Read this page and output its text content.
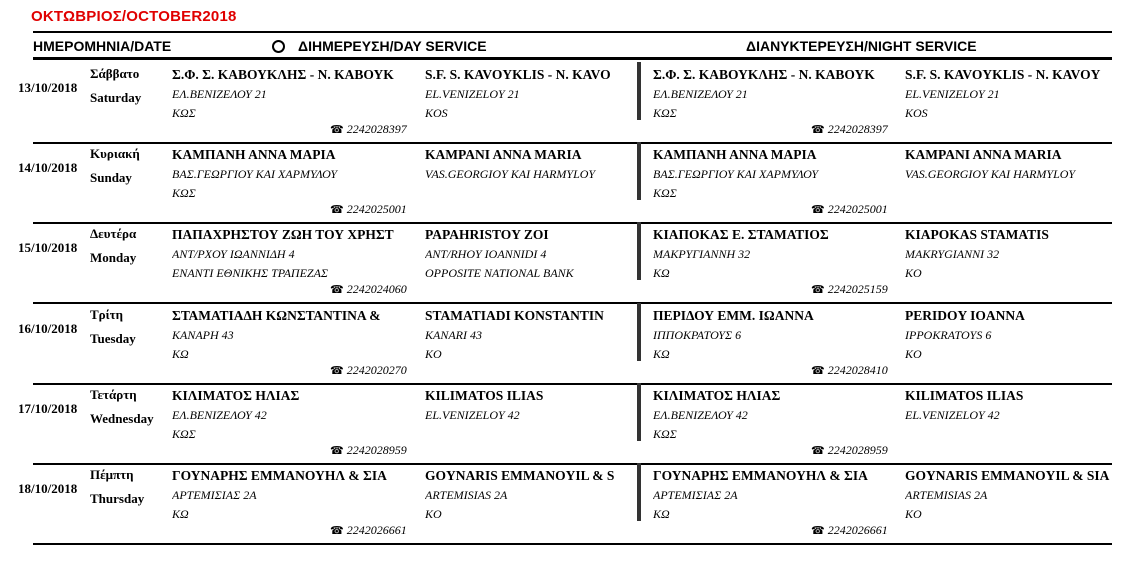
ΟΚΤΩΒΡΙΟΣ/OCTOBER2018
ΗΜΕΡΟΜΗΝΙΑ/DATE	ΔΙΗΜΕΡΕΥΣΗ/DAY SERVICE	ΔΙΑΝΥΚΤΕΡΕΥΣΗ/NIGHT SERVICE
13/10/2018
Σάββατο
Saturday
Σ.Φ. Σ. ΚΑΒΟΥΚΛΗΣ - Ν. ΚΑΒΟΥΚ
ΕΛ.ΒΕΝΙΖΕΛΟΥ 21
ΚΩΣ
S.F. S. KAVOYKLIS - N. KAVO
EL.VENIZELOY 21
KOS
☎ 2242028397
Σ.Φ. Σ. ΚΑΒΟΥΚΛΗΣ - Ν. ΚΑΒΟΥΚ
ΕΛ.ΒΕΝΙΖΕΛΟΥ 21
ΚΩΣ
S.F. S. KAVOYKLIS - N. KAVOY
EL.VENIZELOY 21
KOS
☎ 2242028397
14/10/2018
Κυριακή
Sunday
ΚΑΜΠΑΝΗ ΑΝΝΑ ΜΑΡΙΑ
ΒΑΣ.ΓΕΩΡΓΙΟΥ ΚΑΙ ΧΑΡΜΥΛΟΥ
ΚΩΣ
KAMPANI ANNA MARIA
VAS.GEORGIOY KAI HARMYLOY
☎ 2242025001
ΚΑΜΠΑΝΗ ΑΝΝΑ ΜΑΡΙΑ
ΒΑΣ.ΓΕΩΡΓΙΟΥ ΚΑΙ ΧΑΡΜΥΛΟΥ
ΚΩΣ
KAMPANI ANNA MARIA
VAS.GEORGIOY KAI HARMYLOY
☎ 2242025001
15/10/2018
Δευτέρα
Monday
ΠΑΠΑΧΡΗΣΤΟΥ ΖΩΗ ΤΟΥ ΧΡΗΣΤ
ΑΝΤ/ΡΧΟΥ ΙΩΑΝΝΙΔΗ 4
ΕΝΑΝΤΙ ΕΘΝΙΚΗΣ ΤΡΑΠΕΖΑΣ
PAPAHRISTOY ZOI
ANT/RHOY IOANNIDI 4
OPPOSITE NATIONAL BANK
☎ 2242024060
ΚΙΑΠΟΚΑΣ Ε. ΣΤΑΜΑΤΙΟΣ
ΜΑΚΡΥΓΙΑΝΝΗ 32
ΚΩ
KIAPOKAS STAMATIS
MAKRYGIANNI 32
KO
☎ 2242025159
16/10/2018
Τρίτη
Tuesday
ΣΤΑΜΑΤΙΑΔΗ ΚΩΝΣΤΑΝΤΙΝΑ &
ΚΑΝΑΡΗ 43
ΚΩ
STAMATIADI KONSTANTIN
KANARI 43
KO
☎ 2242020270
ΠΕΡΙΔΟΥ ΕΜΜ. ΙΩΑΝΝΑ
ΙΠΠΟΚΡΑΤΟΥΣ 6
ΚΩ
PERIDOY IOANNA
IPPOKRATOYS 6
KO
☎ 2242028410
17/10/2018
Τετάρτη
Wednesday
ΚΙΛΙΜΑΤΟΣ ΗΛΙΑΣ
ΕΛ.ΒΕΝΙΖΕΛΟΥ 42
ΚΩΣ
KILIMATOS ILIAS
EL.VENIZELOY 42
☎ 2242028959
ΚΙΛΙΜΑΤΟΣ ΗΛΙΑΣ
ΕΛ.ΒΕΝΙΖΕΛΟΥ 42
ΚΩΣ
KILIMATOS ILIAS
EL.VENIZELOY 42
☎ 2242028959
18/10/2018
Πέμπτη
Thursday
ΓΟΥΝΑΡΗΣ ΕΜΜΑΝΟΥΗΛ & ΣΙΑ
ΑΡΤΕΜΙΣΙΑΣ 2Α
ΚΩ
GOYNARIS EMMANOYIL & S
ARTEMISIAS 2A
KO
☎ 2242026661
ΓΟΥΝΑΡΗΣ ΕΜΜΑΝΟΥΗΛ & ΣΙΑ
ΑΡΤΕΜΙΣΙΑΣ 2Α
ΚΩ
GOYNARIS EMMANOYIL & SIA
ARTEMISIAS 2A
KO
☎ 2242026661
